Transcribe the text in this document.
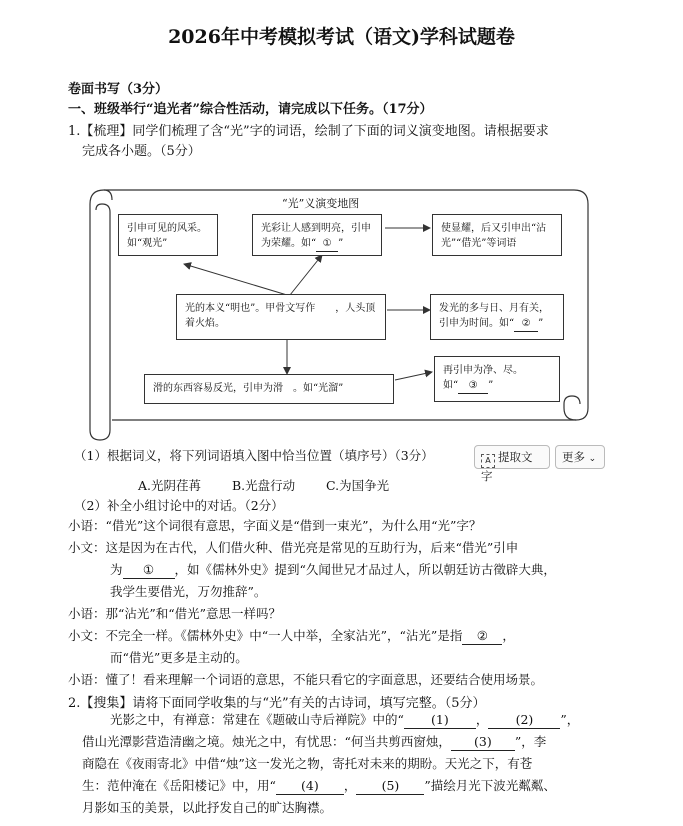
2026年中考模拟考试（语文)学科试题卷
卷面书写（3分）
一、班级举行“追光者”综合性活动，请完成以下任务。（17分）
1.【梳理】同学们梳理了含“光”字的词语，绘制了下面的词义演变地图。请根据要求
完成各小题。（5分）
“光”义演变地图
引申可见的风采。如“观光”
光彩让人感到明亮，引申为荣耀。如“ ① ”
使显耀，后又引申出“沾光”“借光”等词语
光的本义“明也”。甲骨文写作　　，人头顶着火焰。
发光的多与日、月有关，引申为时间。如“ ② ”
滑的东西容易反光，引申为滑　。如“光溜”
再引申为净、尽。
如“ ③ ”
（1）根据词义，将下列词语填入图中恰当位置（填序号）（3分）	A 提取文字
更多 ⌄
A.光阴荏苒 B.光盘行动 C.为国争光
（2）补全小组讨论中的对话。（2分）
小语：“借光”这个词很有意思，字面义是“借到一束光”，为什么用“光”字？
小文：这是因为在古代，人们借火种、借光亮是常见的互助行为，后来“借光”引申
为 ① ，如《儒林外史》提到“久闻世兄才品过人，所以朝廷访古徵辟大典，
我学生要借光，万勿推辞”。
小语：那“沾光”和“借光”意思一样吗？
小文：不完全一样。《儒林外史》中“一人中举，全家沾光”，“沾光”是指 ② ，
而“借光”更多是主动的。
小语：懂了！看来理解一个词语的意思，不能只看它的字面意思，还要结合使用场景。
2.【搜集】请将下面同学收集的与“光”有关的古诗词，填写完整。（5分）
光影之中，有禅意：常建在《题破山寺后禅院》中的“ (1) ， (2) ”，
借山光潭影营造清幽之境。烛光之中，有忧思：“何当共剪西窗烛， (3) ”，李
商隐在《夜雨寄北》中借“烛”这一发光之物，寄托对未来的期盼。天光之下，有苍
生：范仲淹在《岳阳楼记》中，用“ (4) ， (5) ”描绘月光下波光粼粼、
月影如玉的美景，以此抒发自己的旷达胸襟。
